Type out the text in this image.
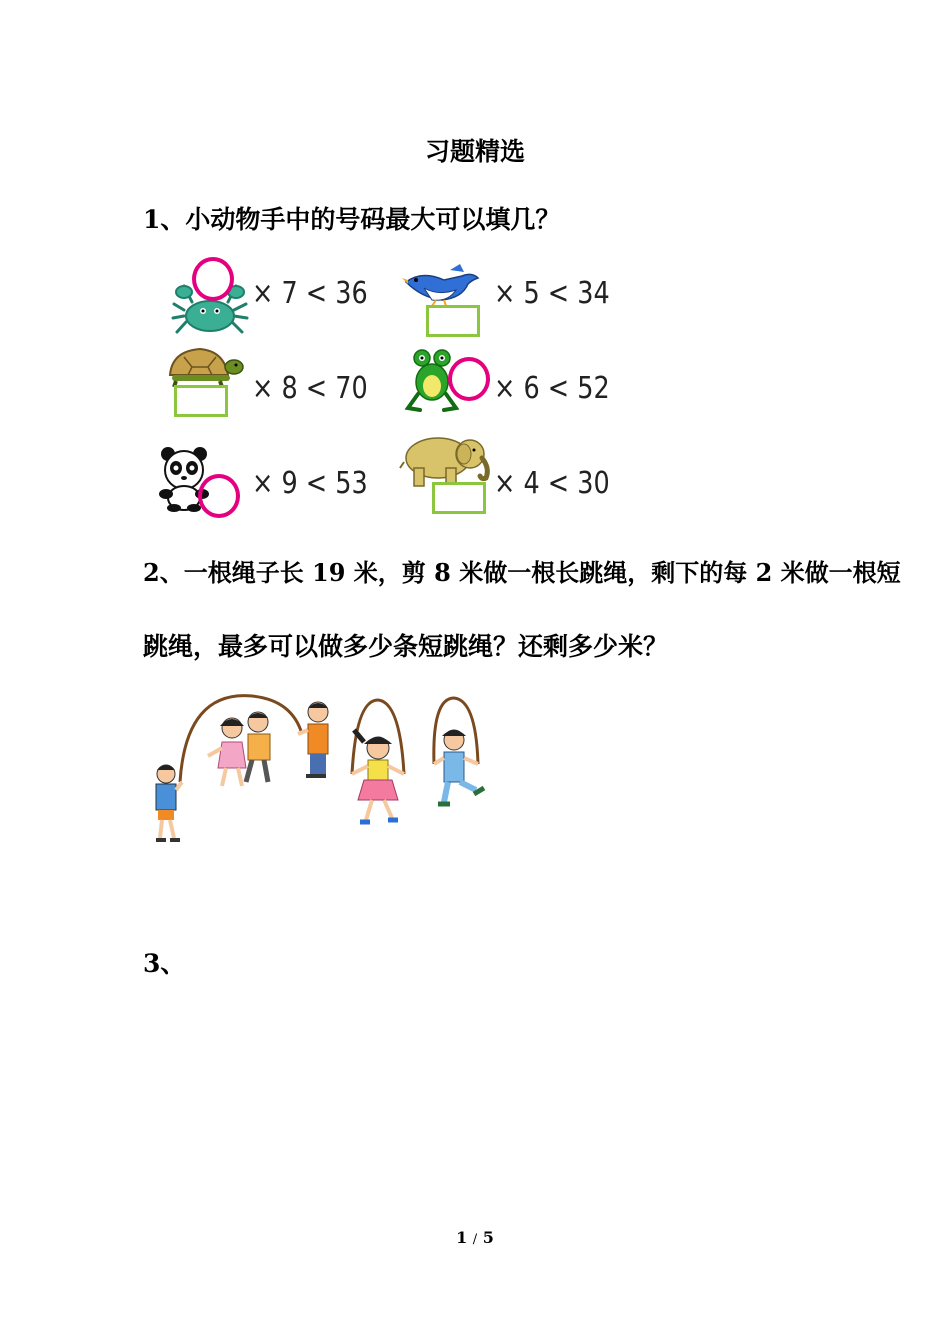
习题精选
1、小动物手中的号码最大可以填几？
× 7 < 36	× 5 < 34
× 8 < 70	× 6 < 52
× 9 < 53	× 4 < 30
2、一根绳子长 19 米，剪 8 米做一根长跳绳，剩下的每 2 米做一根短
跳绳，最多可以做多少条短跳绳？还剩多少米？
3、
1 / 5
